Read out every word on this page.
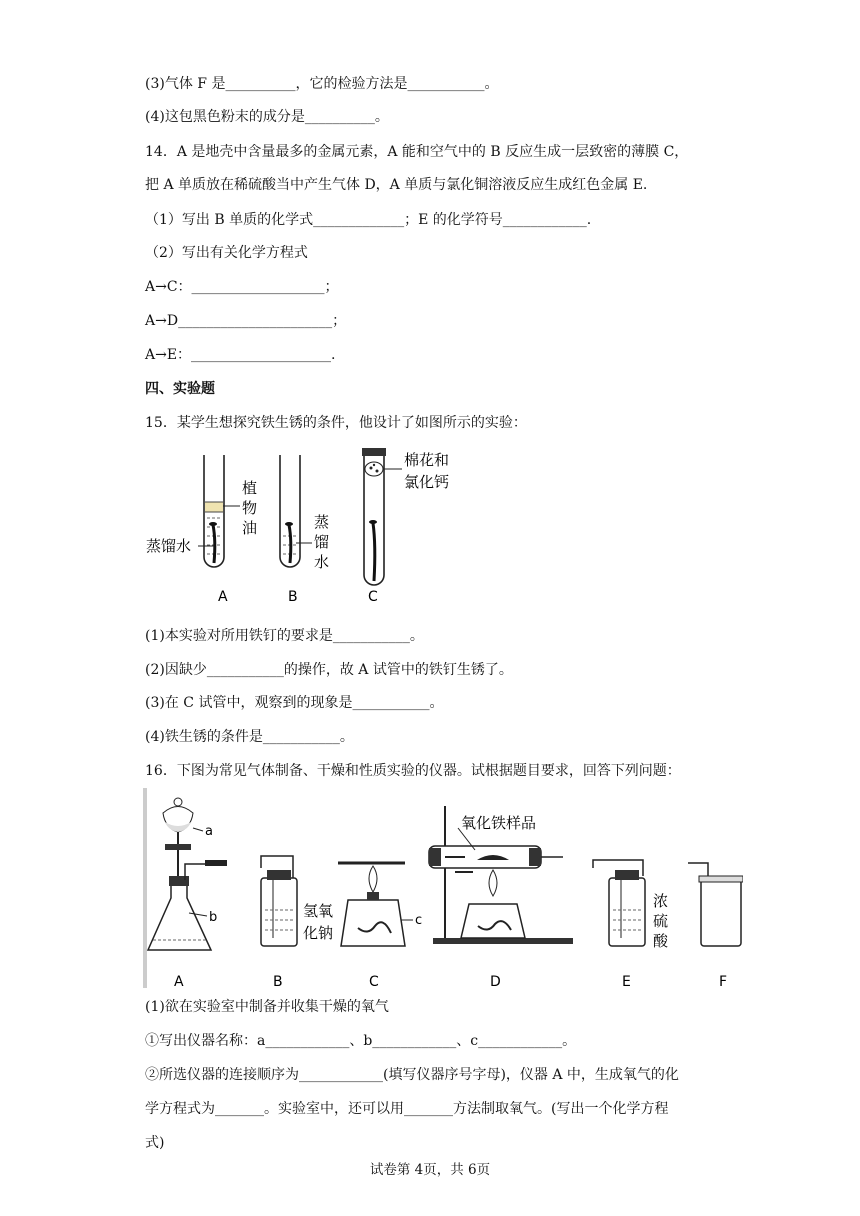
(3)气体 F 是__________，它的检验方法是___________。
(4)这包黑色粉末的成分是__________。
14．A 是地壳中含量最多的金属元素，A 能和空气中的 B 反应生成一层致密的薄膜 C，
把 A 单质放在稀硫酸当中产生气体 D，A 单质与氯化铜溶液反应生成红色金属 E.
（1）写出 B 单质的化学式_____________；E 的化学符号____________.
（2）写出有关化学方程式
A→C：___________________；
A→D______________________；
A→E：____________________.
四、实验题
15．某学生想探究铁生锈的条件，他设计了如图所示的实验：
植
物
油
蒸馏水
蒸
馏
水
棉花和
氯化钙
A	B	C
(1)本实验对所用铁钉的要求是___________。
(2)因缺少___________的操作，故 A 试管中的铁钉生锈了。
(3)在 C 试管中，观察到的现象是___________。
(4)铁生锈的条件是___________。
16．下图为常见气体制备、干燥和性质实验的仪器。试根据题目要求，回答下列问题：
a
b	氢氧
化钠
c
氧化铁样品
浓
硫
酸
A	B	C	D	E	F
(1)欲在实验室中制备并收集干燥的氧气
①写出仪器名称：a____________、b____________、c____________。
②所选仪器的连接顺序为____________(填写仪器序号字母)，仪器 A 中，生成氧气的化
学方程式为_______。实验室中，还可以用_______方法制取氧气。(写出一个化学方程
式)
试卷第 4页，共 6页
